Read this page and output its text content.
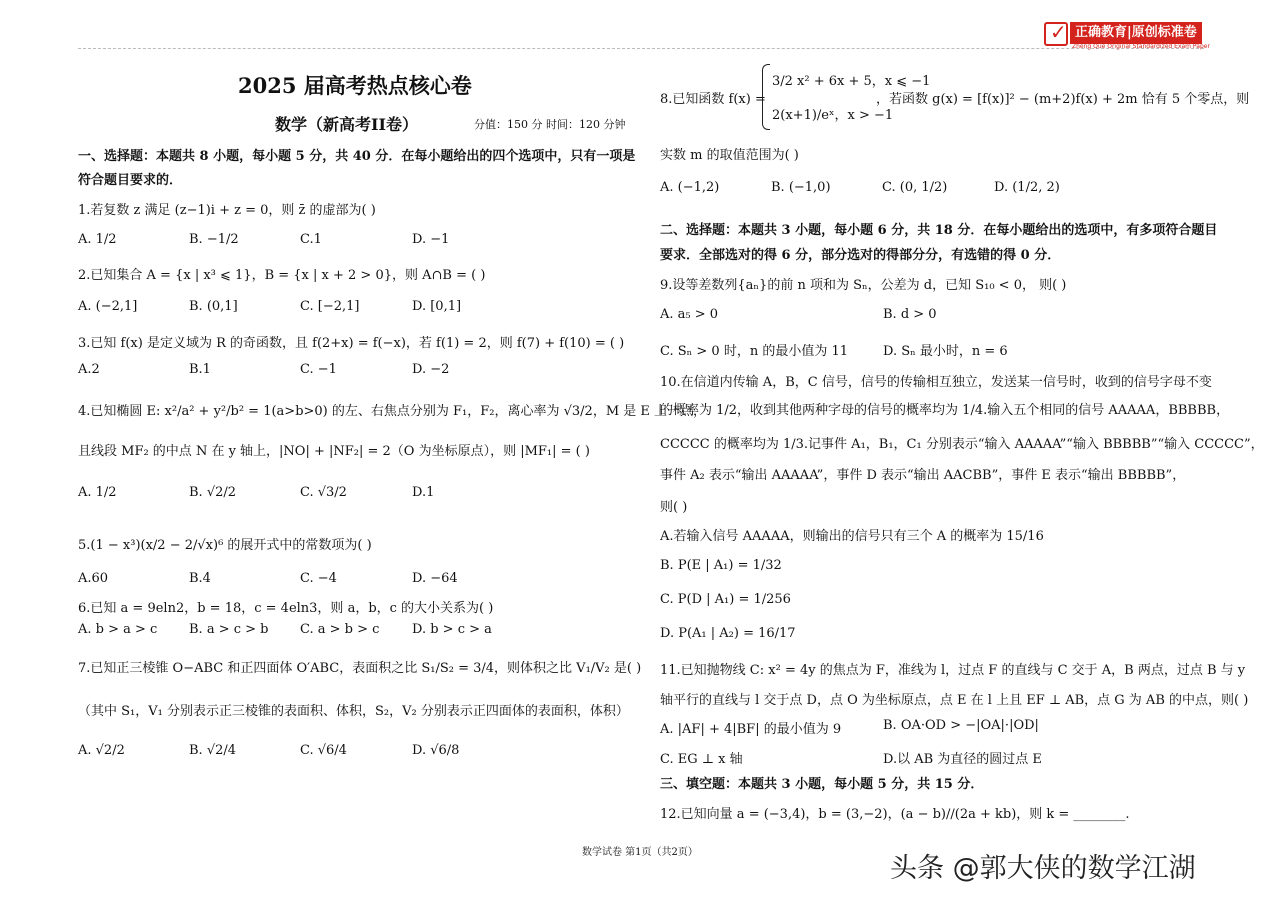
✓ 正确教育|原创标准卷
Zheng Que Original Standardized Exam Paper
2025 届高考热点核心卷
数学（新高考II卷）	分值：150 分 时间：120 分钟
一、选择题：本题共 8 小题，每小题 5 分，共 40 分．在每小题给出的四个选项中，只有一项是
符合题目要求的．
1.若复数 z 满足 (z−1)i + z = 0，则 z̄ 的虚部为( )
A. 1/2	B. −1/2	C.1	D. −1
2.已知集合 A = {x | x³ ⩽ 1}，B = {x | x + 2 > 0}，则 A∩B = ( )
A. (−2,1]	B. (0,1]	C. [−2,1]	D. [0,1]
3.已知 f(x) 是定义域为 R 的奇函数，且 f(2+x) = f(−x)，若 f(1) = 2，则 f(7) + f(10) = ( )
A.2	B.1	C. −1	D. −2
4.已知椭圆 E: x²/a² + y²/b² = 1(a>b>0) 的左、右焦点分别为 F₁，F₂，离心率为 √3/2，M 是 E 上一点，
且线段 MF₂ 的中点 N 在 y 轴上，|NO| + |NF₂| = 2（O 为坐标原点），则 |MF₁| = ( )
A. 1/2	B. √2/2	C. √3/2	D.1
5.(1 − x³)(x/2 − 2/√x)⁶ 的展开式中的常数项为( )
A.60	B.4	C. −4	D. −64
6.已知 a = 9eln2，b = 18，c = 4eln3，则 a，b，c 的大小关系为( )
A. b > a > c B. a > c > b C. a > b > c	D. b > c > a
7.已知正三棱锥 O−ABC 和正四面体 O′ABC，表面积之比 S₁/S₂ = 3/4，则体积之比 V₁/V₂ 是( )
（其中 S₁，V₁ 分别表示正三棱锥的表面积、体积，S₂，V₂ 分别表示正四面体的表面积，体积）
A. √2/2	B. √2/4	C. √6/4	D. √6/8
8.已知函数 f(x) =
3/2 x² + 6x + 5，x ⩽ −1
2(x+1)/eˣ，x > −1
，若函数 g(x) = [f(x)]² − (m+2)f(x) + 2m 恰有 5 个零点，则
实数 m 的取值范围为( )
A. (−1,2)	B. (−1,0)	C. (0, 1/2)	D. (1/2, 2)
二、选择题：本题共 3 小题，每小题 6 分，共 18 分．在每小题给出的选项中，有多项符合题目
要求．全部选对的得 6 分，部分选对的得部分分，有选错的得 0 分．
9.设等差数列{aₙ}的前 n 项和为 Sₙ，公差为 d，已知 S₁₀ < 0， 则( )
A. a₅ > 0	B. d > 0
C. Sₙ > 0 时，n 的最小值为 11	D. Sₙ 最小时，n = 6
10.在信道内传输 A，B，C 信号，信号的传输相互独立，发送某一信号时，收到的信号字母不变
的概率为 1/2，收到其他两种字母的信号的概率均为 1/4.输入五个相同的信号 AAAAA，BBBBB，
CCCCC 的概率均为 1/3.记事件 A₁，B₁，C₁ 分别表示“输入 AAAAA”“输入 BBBBB”“输入 CCCCC”，
事件 A₂ 表示“输出 AAAAA”，事件 D 表示“输出 AACBB”，事件 E 表示“输出 BBBBB”，
则( )
A.若输入信号 AAAAA，则输出的信号只有三个 A 的概率为 15/16
B. P(E | A₁) = 1/32
C. P(D | A₁) = 1/256
D. P(A₁ | A₂) = 16/17
11.已知抛物线 C: x² = 4y 的焦点为 F，准线为 l，过点 F 的直线与 C 交于 A，B 两点，过点 B 与 y
轴平行的直线与 l 交于点 D，点 O 为坐标原点，点 E 在 l 上且 EF ⊥ AB，点 G 为 AB 的中点，则( )
A. |AF| + 4|BF| 的最小值为 9	B. OA·OD > −|OA|·|OD|
C. EG ⊥ x 轴	D.以 AB 为直径的圆过点 E
三、填空题：本题共 3 小题，每小题 5 分，共 15 分．
12.已知向量 a = (−3,4)，b = (3,−2)，(a − b)//(2a + kb)，则 k = ________.
数学试卷 第1页（共2页）
头条 @郭大侠的数学江湖
